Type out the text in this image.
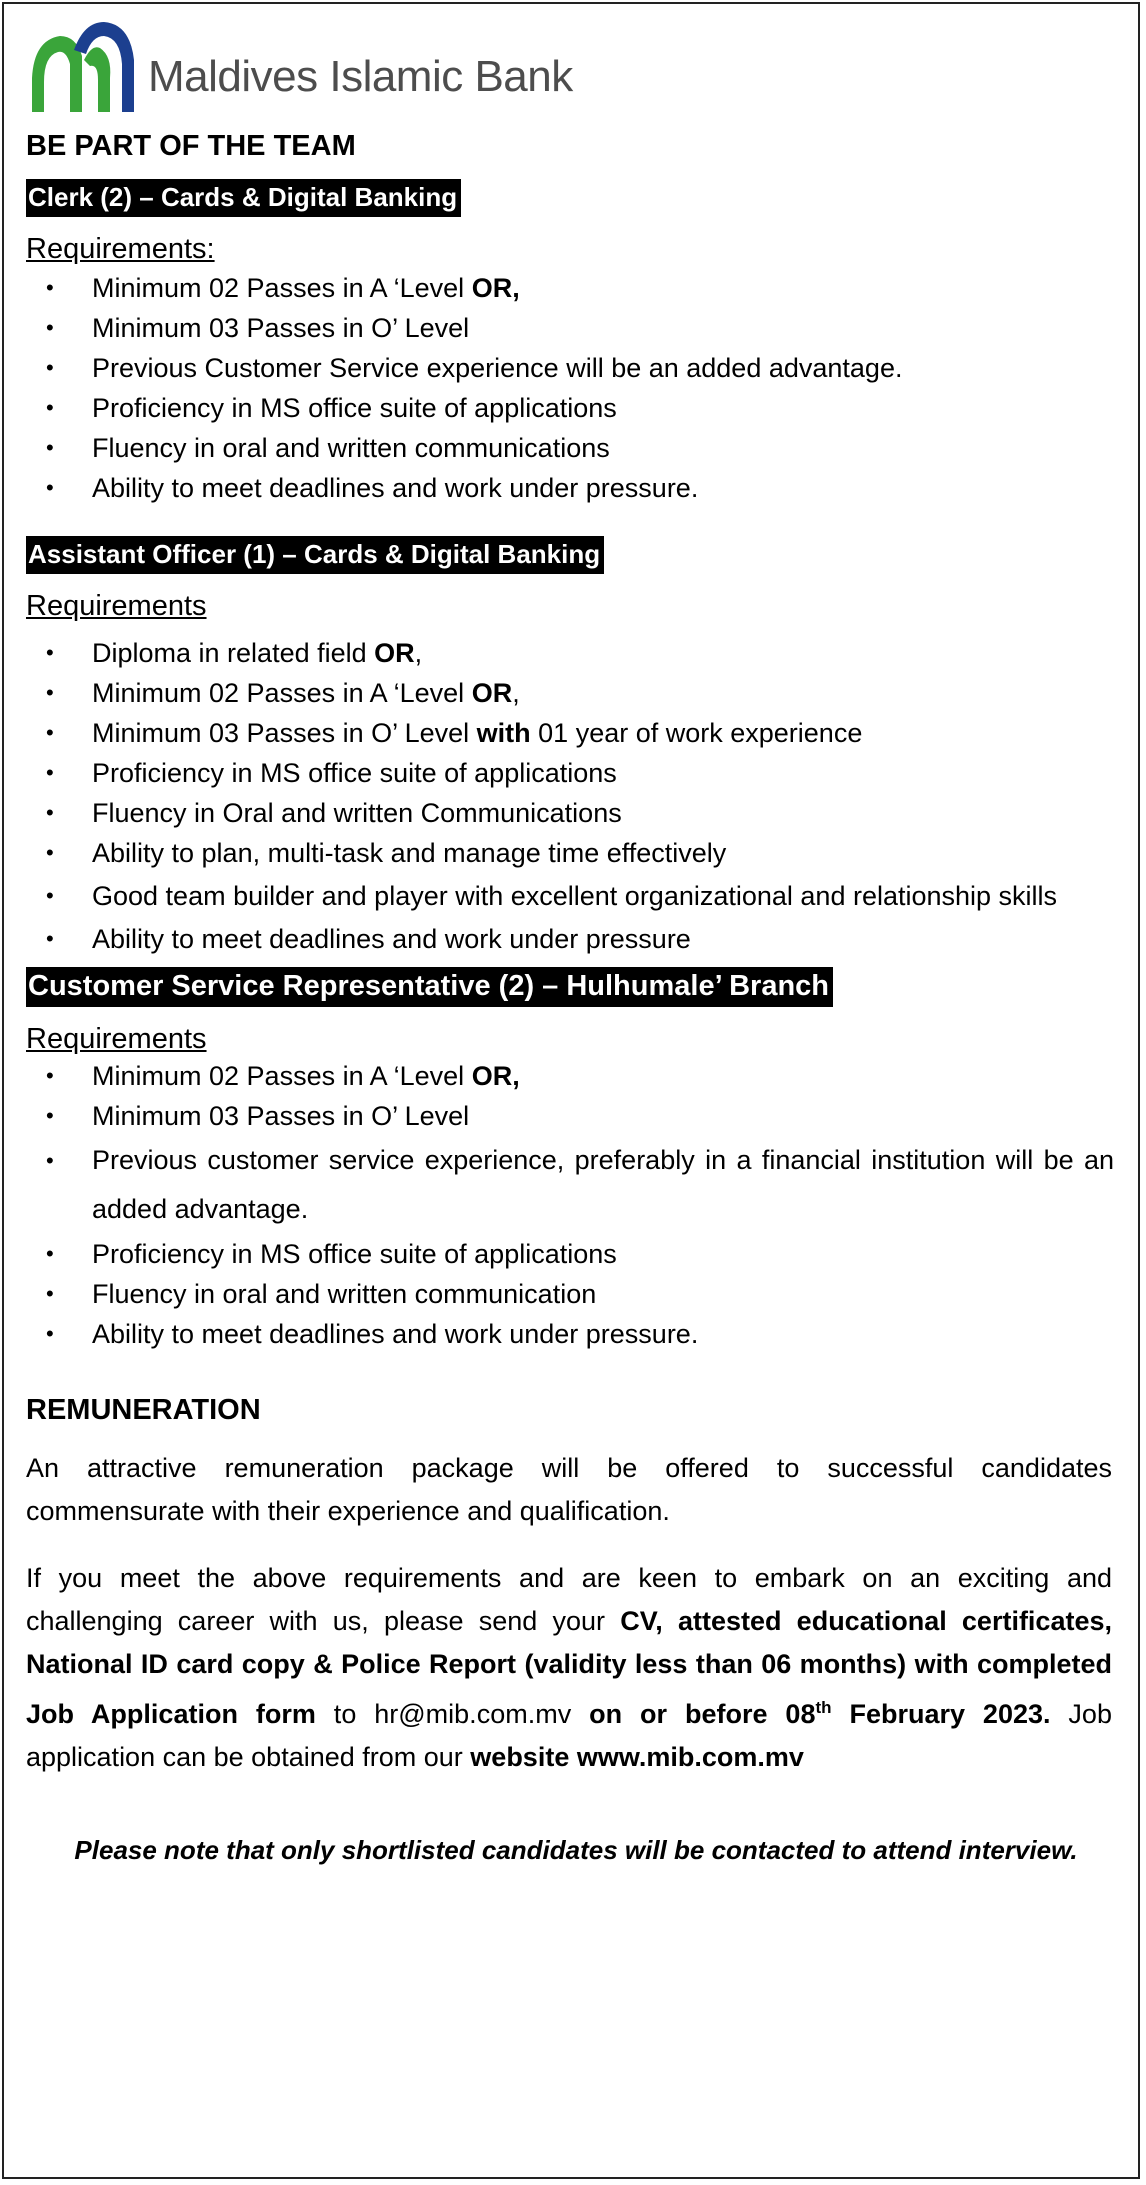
Maldives Islamic Bank
BE PART OF THE TEAM
Clerk (2) – Cards & Digital Banking

Requirements:

• Minimum 02 Passes in A ‘Level OR,
• Minimum 03 Passes in O’ Level
• Previous Customer Service experience will be an added advantage.
• Proficiency in MS office suite of applications
• Fluency in oral and written communications
• Ability to meet deadlines and work under pressure.
Assistant Officer (1) – Cards & Digital Banking

Requirements

• Diploma in related field OR,
• Minimum 02 Passes in A ‘Level OR,
• Minimum 03 Passes in O’ Level with 01 year of work experience
• Proficiency in MS office suite of applications
• Fluency in Oral and written Communications
• Ability to plan, multi-task and manage time effectively
• Good team builder and player with excellent organizational and relationship skills
• Ability to meet deadlines and work under pressure
Customer Service Representative (2) – Hulhumale’ Branch

Requirements

• Minimum 02 Passes in A ‘Level OR,
• Minimum 03 Passes in O’ Level
• Previous customer service experience, preferably in a financial institution will be an added advantage.
• Proficiency in MS office suite of applications
• Fluency in oral and written communication
• Ability to meet deadlines and work under pressure.
REMUNERATION

An attractive remuneration package will be offered to successful candidates commensurate with their experience and qualification.

If you meet the above requirements and are keen to embark on an exciting and challenging career with us, please send your CV, attested educational certificates, National ID card copy & Police Report (validity less than 06 months) with completed Job Application form to hr@mib.com.mv on or before 08th February 2023. Job application can be obtained from our website www.mib.com.mv

Please note that only shortlisted candidates will be contacted to attend interview.
